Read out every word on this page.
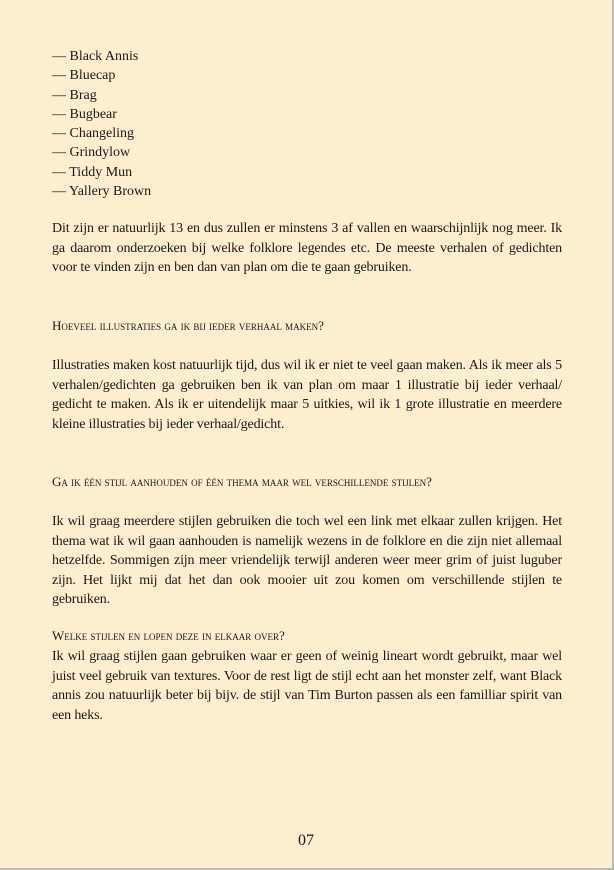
— Black Annis
— Bluecap
— Brag
— Bugbear
— Changeling
— Grindylow
— Tiddy Mun
— Yallery Brown

Dit zijn er natuurlijk 13 en dus zullen er minstens 3 af vallen en waarschijnlijk nog meer. Ik ga daarom onderzoeken bij welke folklore legendes etc. De meeste verhalen of gedichten voor te vinden zijn en ben dan van plan om die te gaan gebruiken.

Hoeveel illustraties ga ik bij ieder verhaal maken?

Illustraties maken kost natuurlijk tijd, dus wil ik er niet te veel gaan maken. Als ik meer als 5 verhalen/gedichten ga gebruiken ben ik van plan om maar 1 illustratie bij ieder verhaal/ gedicht te maken. Als ik er uitendelijk maar 5 uitkies, wil ik 1 grote illustratie en meerdere kleine illustraties bij ieder verhaal/gedicht.

Ga ik één stijl aanhouden of één thema maar wel verschillende stijlen?

Ik wil graag meerdere stijlen gebruiken die toch wel een link met elkaar zullen krijgen. Het thema wat ik wil gaan aanhouden is namelijk wezens in de folklore en die zijn niet allemaal hetzelfde. Sommigen zijn meer vriendelijk terwijl anderen weer meer grim of juist luguber zijn. Het lijkt mij dat het dan ook mooier uit zou komen om verschillende stijlen te gebruiken.

Welke stijlen en lopen deze in elkaar over?

Ik wil graag stijlen gaan gebruiken waar er geen of weinig lineart wordt gebruikt, maar wel juist veel gebruik van textures. Voor de rest ligt de stijl echt aan het monster zelf, want Black annis zou natuurlijk beter bij bijv. de stijl van Tim Burton passen als een familliar spirit van een heks.

07
